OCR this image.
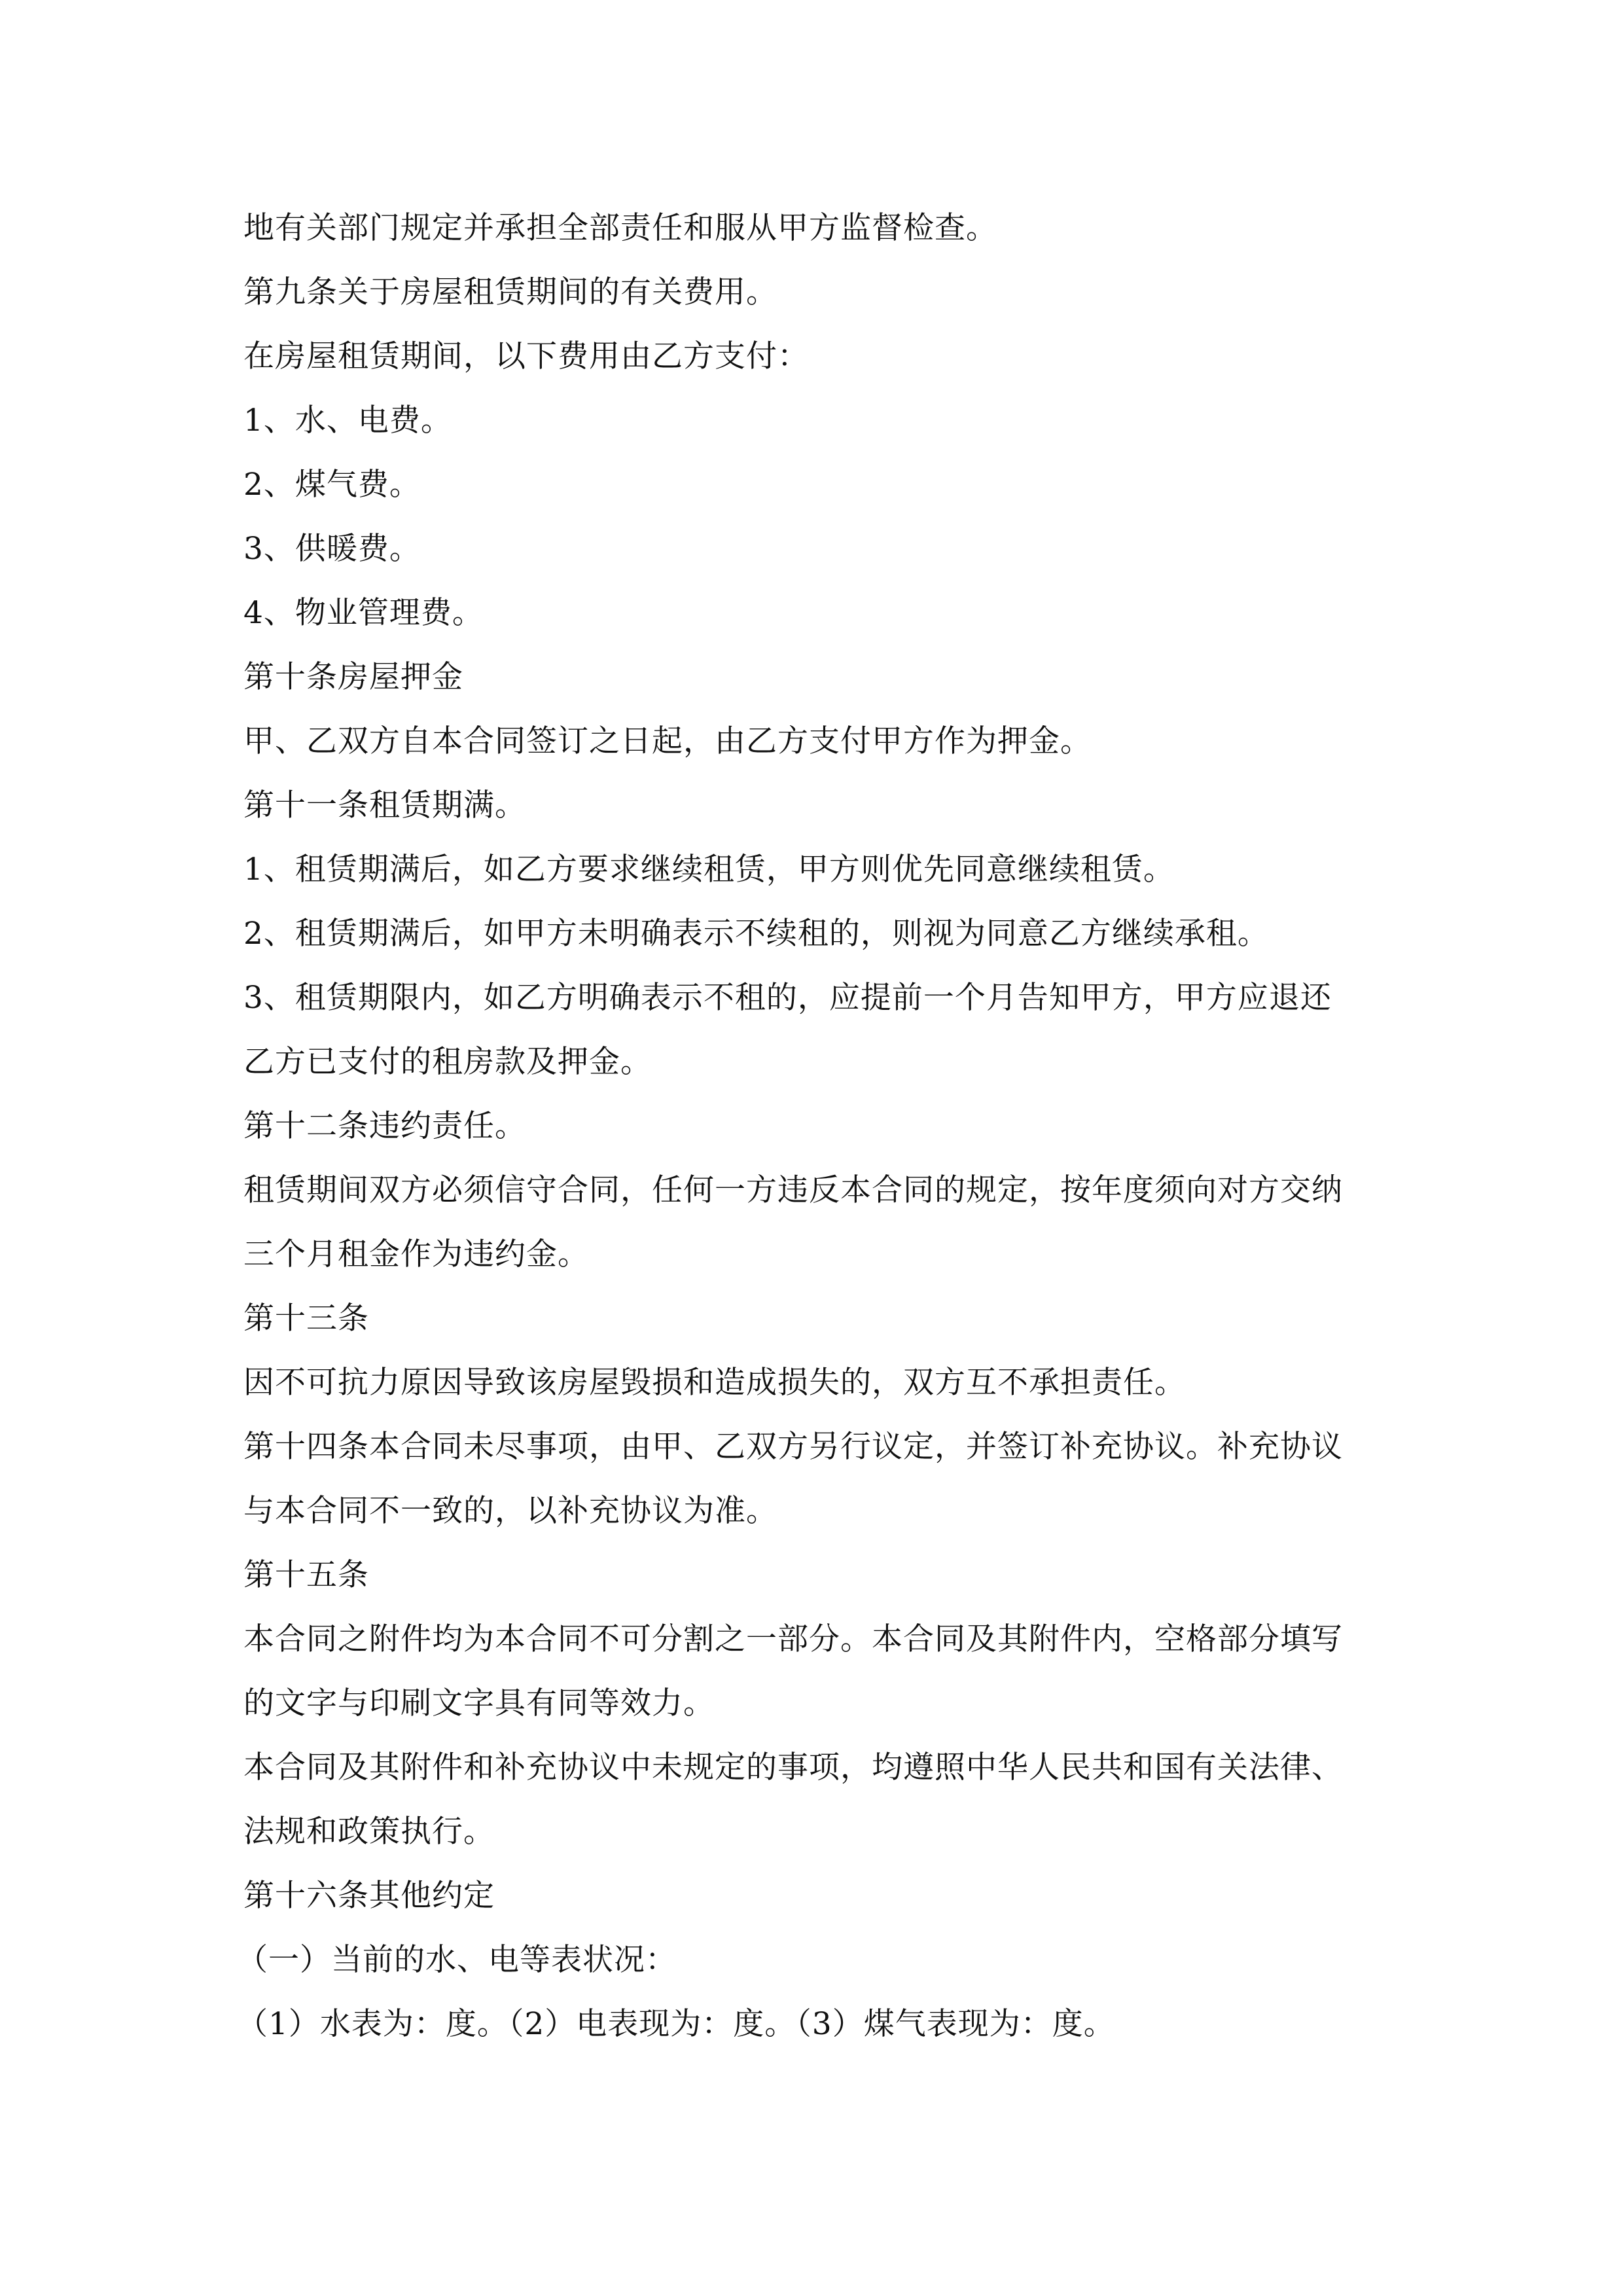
地有关部门规定并承担全部责任和服从甲方监督检查。
第九条关于房屋租赁期间的有关费用。
在房屋租赁期间，以下费用由乙方支付：
1、水、电费。
2、煤气费。
3、供暖费。
4、物业管理费。
第十条房屋押金
甲、乙双方自本合同签订之日起，由乙方支付甲方作为押金。
第十一条租赁期满。
1、租赁期满后，如乙方要求继续租赁，甲方则优先同意继续租赁。
2、租赁期满后，如甲方未明确表示不续租的，则视为同意乙方继续承租。
3、租赁期限内，如乙方明确表示不租的，应提前一个月告知甲方，甲方应退还
乙方已支付的租房款及押金。
第十二条违约责任。
租赁期间双方必须信守合同，任何一方违反本合同的规定，按年度须向对方交纳
三个月租金作为违约金。
第十三条
因不可抗力原因导致该房屋毁损和造成损失的，双方互不承担责任。
第十四条本合同未尽事项，由甲、乙双方另行议定，并签订补充协议。补充协议
与本合同不一致的，以补充协议为准。
第十五条
本合同之附件均为本合同不可分割之一部分。本合同及其附件内，空格部分填写
的文字与印刷文字具有同等效力。
本合同及其附件和补充协议中未规定的事项，均遵照中华人民共和国有关法律、
法规和政策执行。
第十六条其他约定
（一）当前的水、电等表状况：
（1）水表为：度。（2）电表现为：度。（3）煤气表现为：度。
